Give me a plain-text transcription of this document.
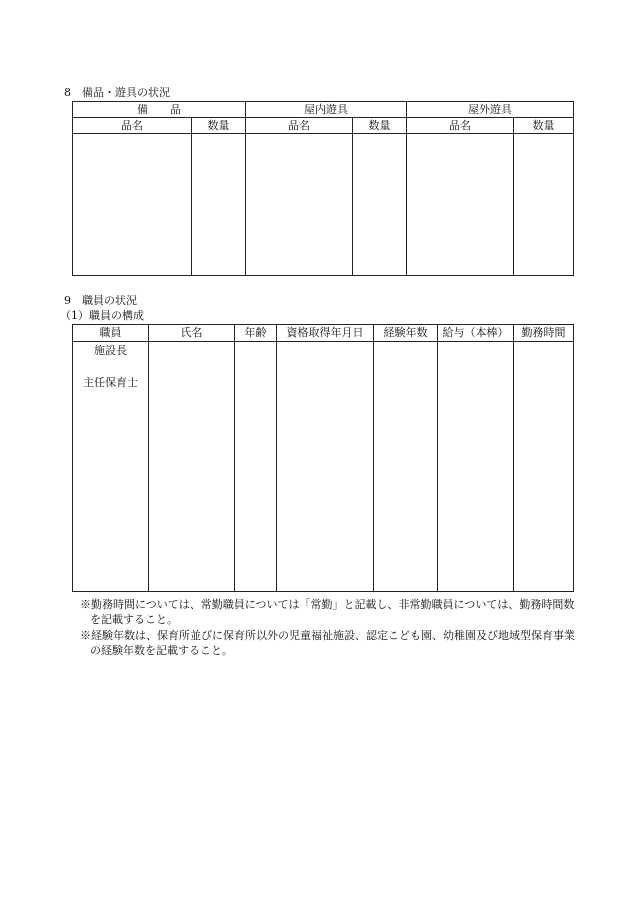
8　備品・遊具の状況
備　　品		屋内遊具		屋外遊具	
品名	数量	品名	数量	品名	数量

9　職員の状況
（1）職員の構成
職員	氏名	年齢	資格取得年月日	経験年数	給与（本棒）	勤務時間

施設長
主任保育士						

※勤務時間については、常勤職員については「常勤」と記載し、非常勤職員については、勤務時間数
を記載すること。
※経験年数は、保育所並びに保育所以外の児童福祉施設、認定こども園、幼稚園及び地域型保育事業
の経験年数を記載すること。
